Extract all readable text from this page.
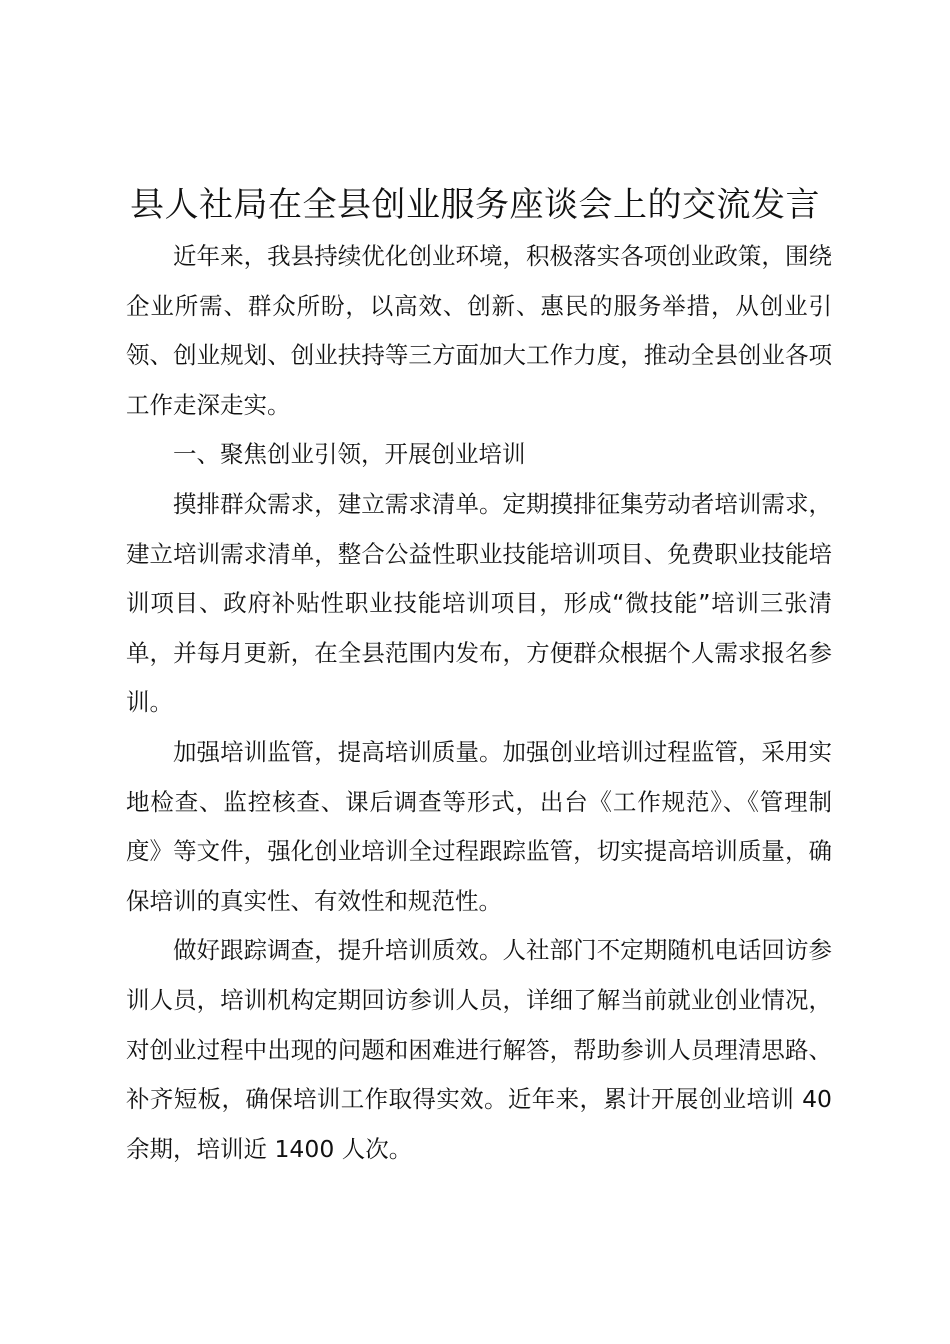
县人社局在全县创业服务座谈会上的交流发言

近年来，我县持续优化创业环境，积极落实各项创业政策，围绕企业所需、群众所盼，以高效、创新、惠民的服务举措，从创业引领、创业规划、创业扶持等三方面加大工作力度，推动全县创业各项工作走深走实。

一、聚焦创业引领，开展创业培训

摸排群众需求，建立需求清单。定期摸排征集劳动者培训需求，建立培训需求清单，整合公益性职业技能培训项目、免费职业技能培训项目、政府补贴性职业技能培训项目，形成“微技能”培训三张清单，并每月更新，在全县范围内发布，方便群众根据个人需求报名参训。

加强培训监管，提高培训质量。加强创业培训过程监管，采用实地检查、监控核查、课后调查等形式，出台《工作规范》、《管理制度》等文件，强化创业培训全过程跟踪监管，切实提高培训质量，确保培训的真实性、有效性和规范性。

做好跟踪调查，提升培训质效。人社部门不定期随机电话回访参训人员，培训机构定期回访参训人员，详细了解当前就业创业情况，对创业过程中出现的问题和困难进行解答，帮助参训人员理清思路、补齐短板，确保培训工作取得实效。近年来，累计开展创业培训 40 余期，培训近 1400 人次。
